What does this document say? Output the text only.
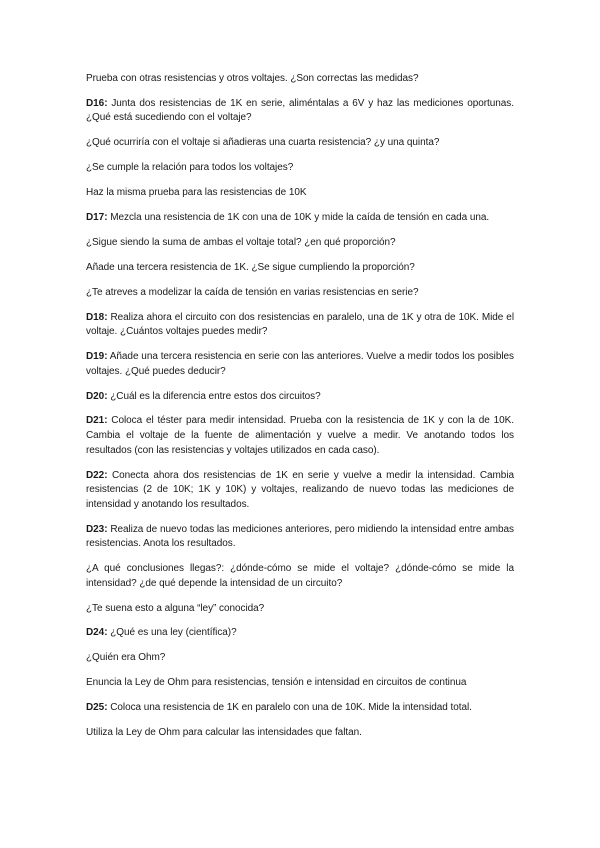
Prueba con otras resistencias y otros voltajes. ¿Son correctas las medidas?

D16: Junta dos resistencias de 1K en serie, aliméntalas a 6V y haz las mediciones oportunas. ¿Qué está sucediendo con el voltaje?

¿Qué ocurriría con el voltaje si añadieras una cuarta resistencia? ¿y una quinta?

¿Se cumple la relación para todos los voltajes?

Haz la misma prueba para las resistencias de 10K

D17: Mezcla una resistencia de 1K con una de 10K y mide la caída de tensión en cada una.

¿Sigue siendo la suma de ambas el voltaje total? ¿en qué proporción?

Añade una tercera resistencia de 1K. ¿Se sigue cumpliendo la proporción?

¿Te atreves a modelizar la caída de tensión en varias resistencias en serie?

D18: Realiza ahora el circuito con dos resistencias en paralelo, una de 1K y otra de 10K. Mide el voltaje. ¿Cuántos voltajes puedes medir?

D19: Añade una tercera resistencia en serie con las anteriores. Vuelve a medir todos los posibles voltajes. ¿Qué puedes deducir?

D20: ¿Cuál es la diferencia entre estos dos circuitos?

D21: Coloca el téster para medir intensidad. Prueba con la resistencia de 1K y con la de 10K. Cambia el voltaje de la fuente de alimentación y vuelve a medir. Ve anotando todos los resultados (con las resistencias y voltajes utilizados en cada caso).

D22: Conecta ahora dos resistencias de 1K en serie y vuelve a medir la intensidad. Cambia resistencias (2 de 10K; 1K y 10K) y voltajes, realizando de nuevo todas las mediciones de intensidad y anotando los resultados.

D23: Realiza de nuevo todas las mediciones anteriores, pero midiendo la intensidad entre ambas resistencias. Anota los resultados.

¿A qué conclusiones llegas?: ¿dónde-cómo se mide el voltaje? ¿dónde-cómo se mide la intensidad? ¿de qué depende la intensidad de un circuito?

¿Te suena esto a alguna “ley” conocida?

D24: ¿Qué es una ley (científica)?

¿Quién era Ohm?

Enuncia la Ley de Ohm para resistencias, tensión e intensidad en circuitos de continua

D25: Coloca una resistencia de 1K en paralelo con una de 10K. Mide la intensidad total.

Utiliza la Ley de Ohm para calcular las intensidades que faltan.
